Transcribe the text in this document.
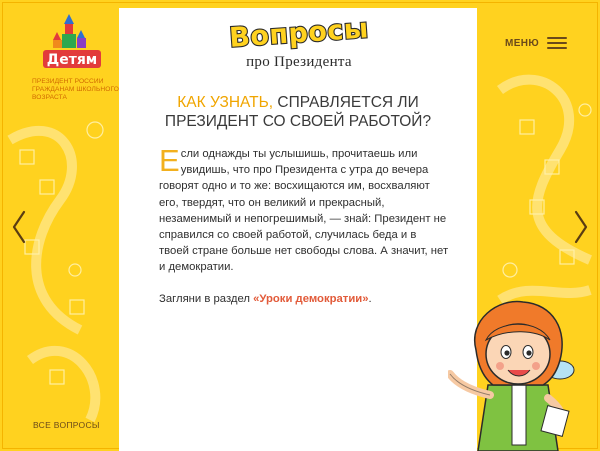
Детям
ПРЕЗИДЕНТ РОССИИ
ГРАЖДАНАМ ШКОЛЬНОГО
ВОЗРАСТА
МЕНЮ
ВСЕ ВОПРОСЫ
Вопросы
про Президента
КАК УЗНАТЬ, СПРАВЛЯЕТСЯ ЛИ ПРЕЗИДЕНТ СО СВОЕЙ РАБОТОЙ?
Если однажды ты услышишь, прочитаешь или увидишь, что про Президента с утра до вечера говорят одно и то же: восхищаются им, восхваляют его, твердят, что он великий и прекрасный, незаменимый и непогрешимый, — знай: Президент не справился со своей работой, случилась беда и в твоей стране больше нет свободы слова. А значит, нет и демократии.
Загляни в раздел «Уроки демократии».
